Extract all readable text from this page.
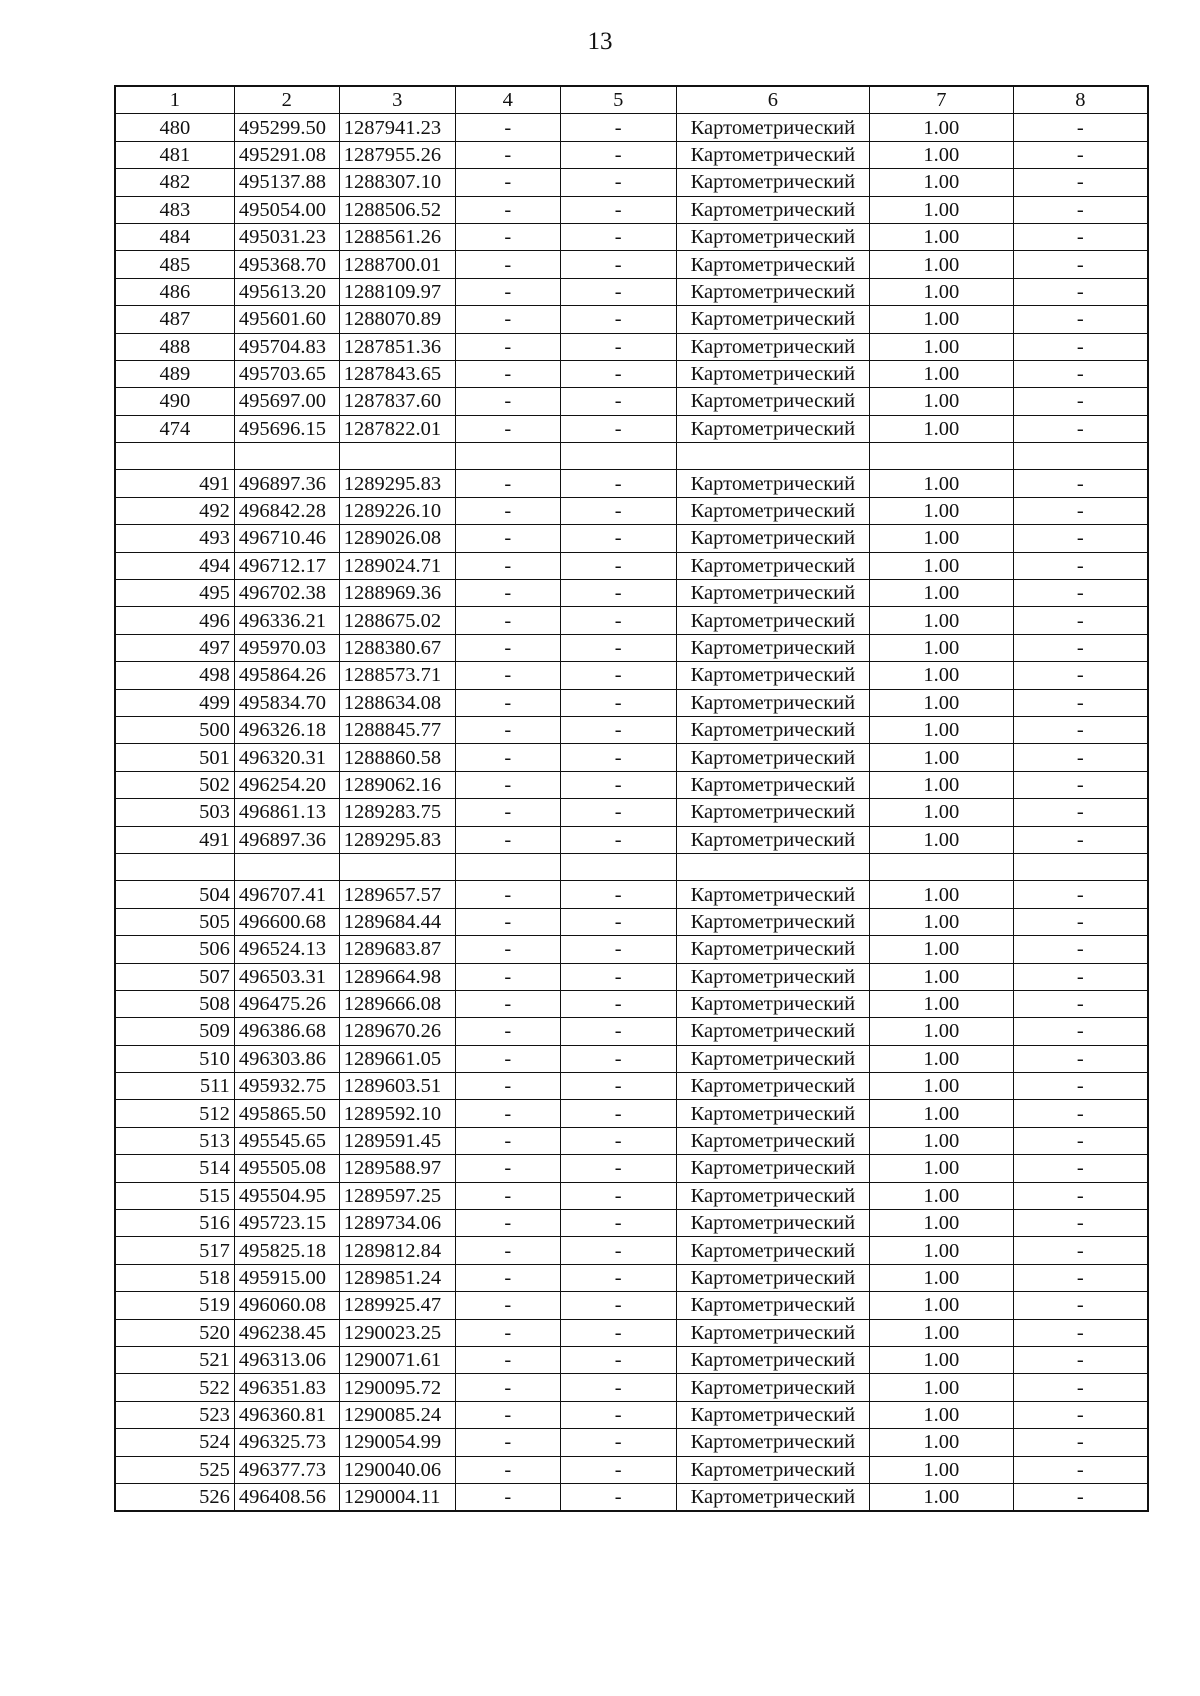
13
1	2	3	4	5	6	7	8
480	495299.50	1287941.23	-	-	Картометрический	1.00	-
481	495291.08	1287955.26	-	-	Картометрический	1.00	-
482	495137.88	1288307.10	-	-	Картометрический	1.00	-
483	495054.00	1288506.52	-	-	Картометрический	1.00	-
484	495031.23	1288561.26	-	-	Картометрический	1.00	-
485	495368.70	1288700.01	-	-	Картометрический	1.00	-
486	495613.20	1288109.97	-	-	Картометрический	1.00	-
487	495601.60	1288070.89	-	-	Картометрический	1.00	-
488	495704.83	1287851.36	-	-	Картометрический	1.00	-
489	495703.65	1287843.65	-	-	Картометрический	1.00	-
490	495697.00	1287837.60	-	-	Картометрический	1.00	-
474	495696.15	1287822.01	-	-	Картометрический	1.00	-

491	496897.36	1289295.83	-	-	Картометрический	1.00	-
492	496842.28	1289226.10	-	-	Картометрический	1.00	-
493	496710.46	1289026.08	-	-	Картометрический	1.00	-
494	496712.17	1289024.71	-	-	Картометрический	1.00	-
495	496702.38	1288969.36	-	-	Картометрический	1.00	-
496	496336.21	1288675.02	-	-	Картометрический	1.00	-
497	495970.03	1288380.67	-	-	Картометрический	1.00	-
498	495864.26	1288573.71	-	-	Картометрический	1.00	-
499	495834.70	1288634.08	-	-	Картометрический	1.00	-
500	496326.18	1288845.77	-	-	Картометрический	1.00	-
501	496320.31	1288860.58	-	-	Картометрический	1.00	-
502	496254.20	1289062.16	-	-	Картометрический	1.00	-
503	496861.13	1289283.75	-	-	Картометрический	1.00	-
491	496897.36	1289295.83	-	-	Картометрический	1.00	-

504	496707.41	1289657.57	-	-	Картометрический	1.00	-
505	496600.68	1289684.44	-	-	Картометрический	1.00	-
506	496524.13	1289683.87	-	-	Картометрический	1.00	-
507	496503.31	1289664.98	-	-	Картометрический	1.00	-
508	496475.26	1289666.08	-	-	Картометрический	1.00	-
509	496386.68	1289670.26	-	-	Картометрический	1.00	-
510	496303.86	1289661.05	-	-	Картометрический	1.00	-
511	495932.75	1289603.51	-	-	Картометрический	1.00	-
512	495865.50	1289592.10	-	-	Картометрический	1.00	-
513	495545.65	1289591.45	-	-	Картометрический	1.00	-
514	495505.08	1289588.97	-	-	Картометрический	1.00	-
515	495504.95	1289597.25	-	-	Картометрический	1.00	-
516	495723.15	1289734.06	-	-	Картометрический	1.00	-
517	495825.18	1289812.84	-	-	Картометрический	1.00	-
518	495915.00	1289851.24	-	-	Картометрический	1.00	-
519	496060.08	1289925.47	-	-	Картометрический	1.00	-
520	496238.45	1290023.25	-	-	Картометрический	1.00	-
521	496313.06	1290071.61	-	-	Картометрический	1.00	-
522	496351.83	1290095.72	-	-	Картометрический	1.00	-
523	496360.81	1290085.24	-	-	Картометрический	1.00	-
524	496325.73	1290054.99	-	-	Картометрический	1.00	-
525	496377.73	1290040.06	-	-	Картометрический	1.00	-
526	496408.56	1290004.11	-	-	Картометрический	1.00	-
